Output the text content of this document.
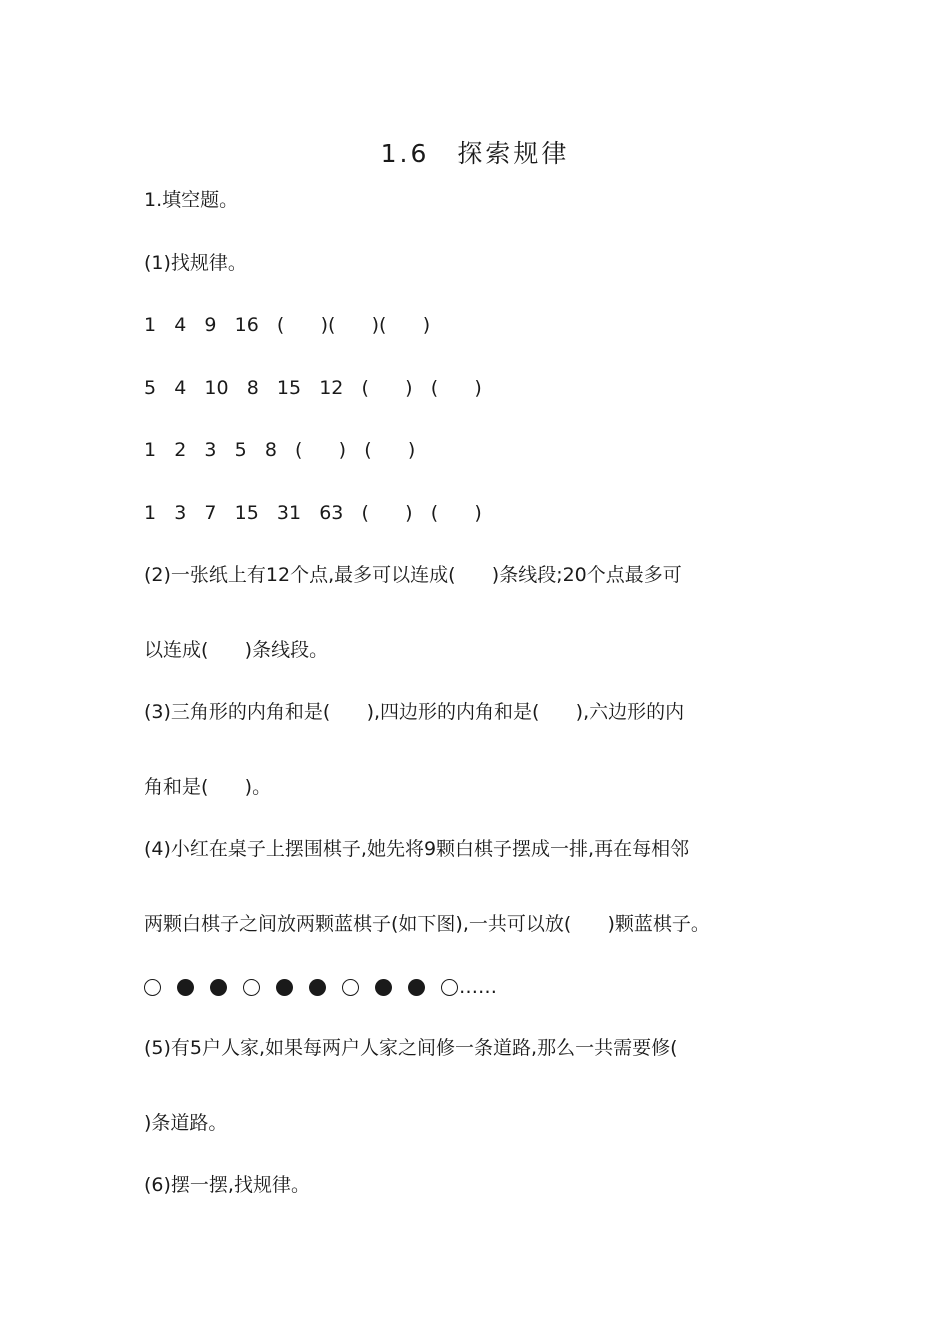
1.6　探索规律

1.填空题。

(1)找规律。

1   4   9   16   (      )(      )(      )

5   4   10   8   15   12   (      )   (      )

1   2   3   5   8   (      )   (      )

1   3   7   15   31   63   (      )   (      )

(2)一张纸上有12个点,最多可以连成(      )条线段;20个点最多可

以连成(      )条线段。

(3)三角形的内角和是(      ),四边形的内角和是(      ),六边形的内

角和是(      )。

(4)小红在桌子上摆围棋子,她先将9颗白棋子摆成一排,再在每相邻

两颗白棋子之间放两颗蓝棋子(如下图),一共可以放(      )颗蓝棋子。

……

(5)有5户人家,如果每两户人家之间修一条道路,那么一共需要修(

)条道路。

(6)摆一摆,找规律。
